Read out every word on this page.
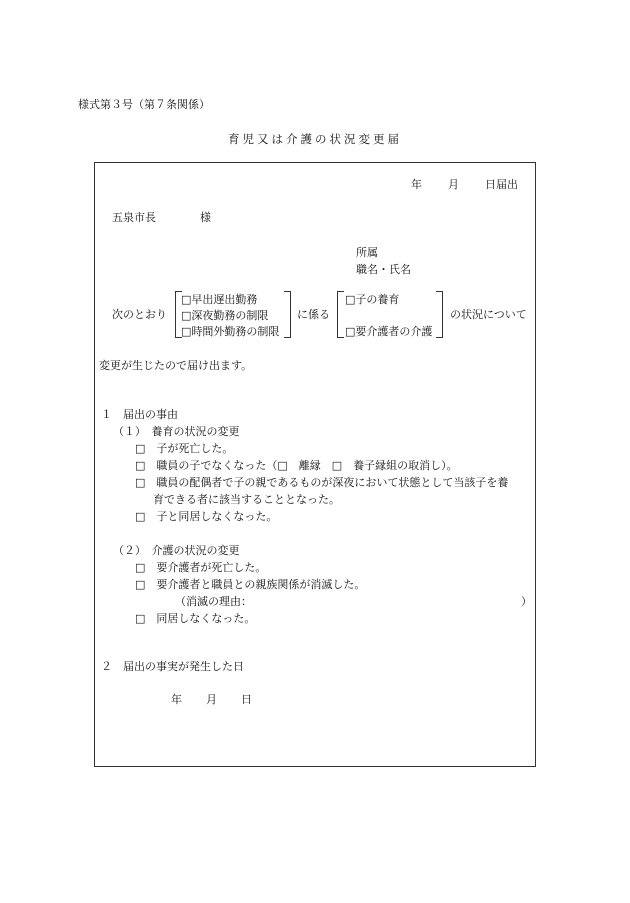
様式第３号（第７条関係）
育児又は介護の状況変更届
年 月 日届出
五泉市長	様
所属
職名・氏名
次のとおり
□早出遅出勤務
□深夜勤務の制限
□時間外勤務の制限
に係る
□子の養育
□要介護者の介護
の状況について
変更が生じたので届け出ます。
１　届出の事由
（１）　養育の状況の変更
□　子が死亡した。
□　職員の子でなくなった（□　離縁　□　養子縁組の取消し）。
□　職員の配偶者で子の親であるものが深夜において状態として当該子を養
育できる者に該当することとなった。
□　子と同居しなくなった。
（２）　介護の状況の変更
□　要介護者が死亡した。
□　要介護者と職員との親族関係が消滅した。
（消滅の理由：	）
□　同居しなくなった。
２　届出の事実が発生した日
年 月 日
